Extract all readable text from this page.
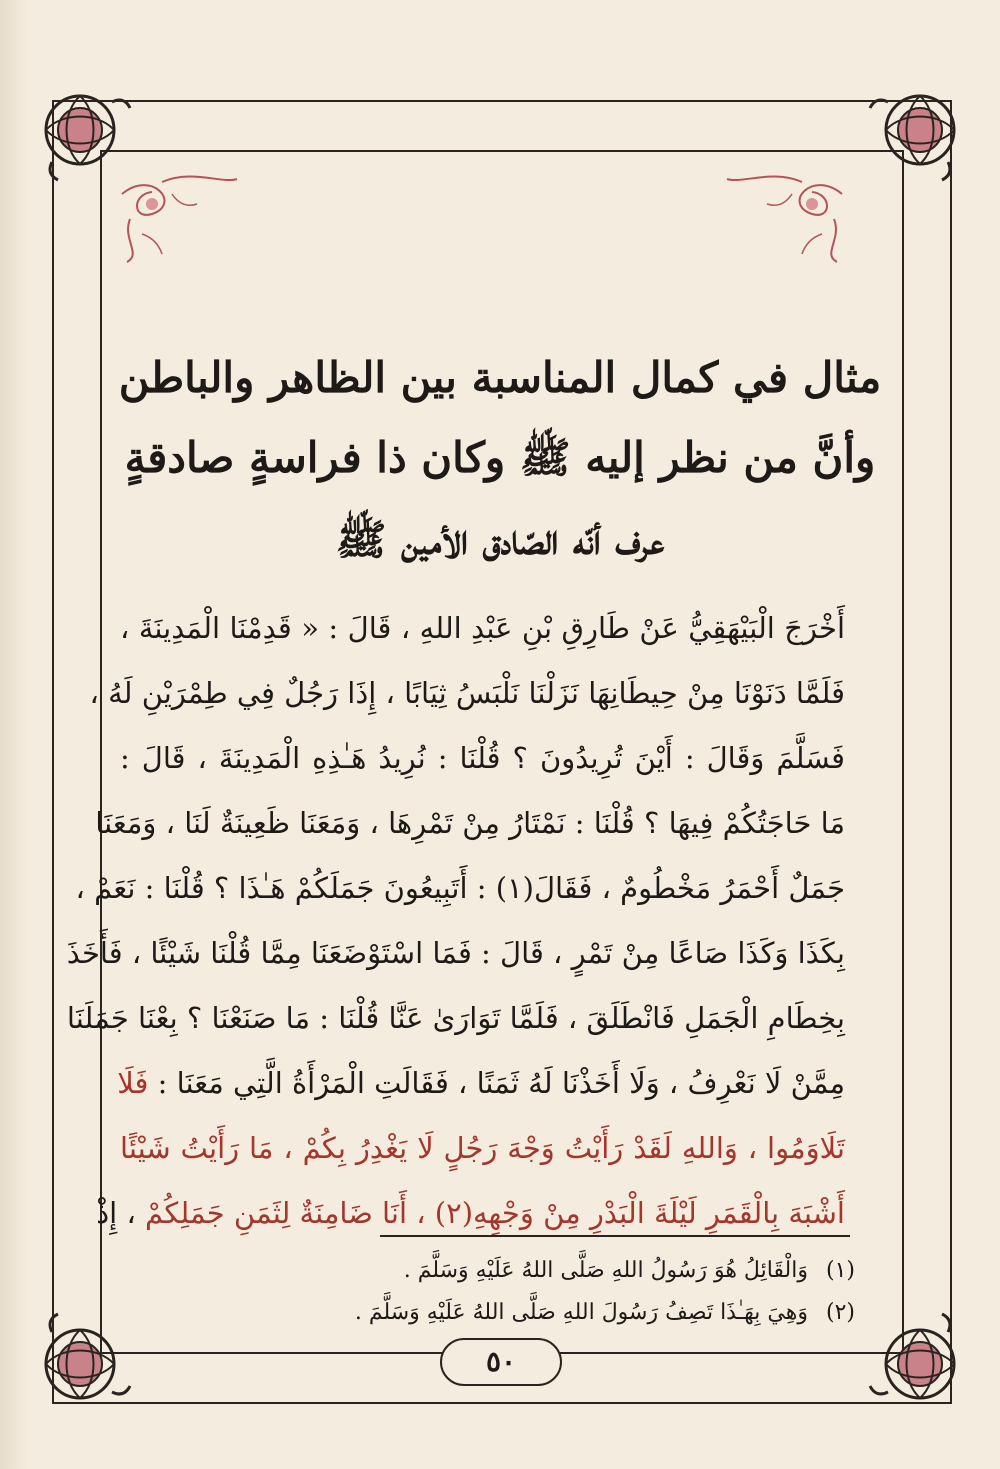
مثال في كمال المناسبة بين الظاهر والباطن
وأنَّ من نظر إليه ﷺ وكان ذا فراسةٍ صادقةٍ
عرف أنّه الصّادق الأمين ﷺ
أَخْرَجَ الْبَيْهَقِيُّ عَنْ طَارِقِ بْنِ عَبْدِ اللهِ ، قَالَ : « قَدِمْنَا الْمَدِينَةَ ،
فَلَمَّا دَنَوْنَا مِنْ حِيطَانِهَا نَزَلْنَا نَلْبَسُ ثِيَابًا ، إِذَا رَجُلٌ فِي طِمْرَيْنِ لَهُ ،
فَسَلَّمَ وَقَالَ : أَيْنَ تُرِيدُونَ ؟ قُلْنَا : نُرِيدُ هَـٰذِهِ الْمَدِينَةَ ، قَالَ :
مَا حَاجَتُكُمْ فِيهَا ؟ قُلْنَا : نَمْتَارُ مِنْ تَمْرِهَا ، وَمَعَنَا ظَعِينَةٌ لَنَا ، وَمَعَنَا
جَمَلٌ أَحْمَرُ مَخْطُومٌ ، فَقَالَ(١) : أَتَبِيعُونَ جَمَلَكُمْ هَـٰذَا ؟ قُلْنَا : نَعَمْ ،
بِكَذَا وَكَذَا صَاعًا مِنْ تَمْرٍ ، قَالَ : فَمَا اسْتَوْضَعَنَا مِمَّا قُلْنَا شَيْئًا ، فَأَخَذَ
بِخِطَامِ الْجَمَلِ فَانْطَلَقَ ، فَلَمَّا تَوَارَىٰ عَنَّا قُلْنَا : مَا صَنَعْنَا ؟ بِعْنَا جَمَلَنَا
مِمَّنْ لَا نَعْرِفُ ، وَلَا أَخَذْنَا لَهُ ثَمَنًا ، فَقَالَتِ الْمَرْأَةُ الَّتِي مَعَنَا : فَلَا
تَلَاوَمُوا ، وَاللهِ لَقَدْ رَأَيْتُ وَجْهَ رَجُلٍ لَا يَغْدِرُ بِكُمْ ، مَا رَأَيْتُ شَيْئًا
أَشْبَهَ بِالْقَمَرِ لَيْلَةَ الْبَدْرِ مِنْ وَجْهِهِ(٢) ، أَنَا ضَامِنَةٌ لِثَمَنِ جَمَلِكُمْ ، إِذْ
(١) وَالْقَائِلُ هُوَ رَسُولُ اللهِ صَلَّى اللهُ عَلَيْهِ وَسَلَّمَ .
(٢) وَهِيَ بِهَـٰذَا تَصِفُ رَسُولَ اللهِ صَلَّى اللهُ عَلَيْهِ وَسَلَّمَ .
٥٠
